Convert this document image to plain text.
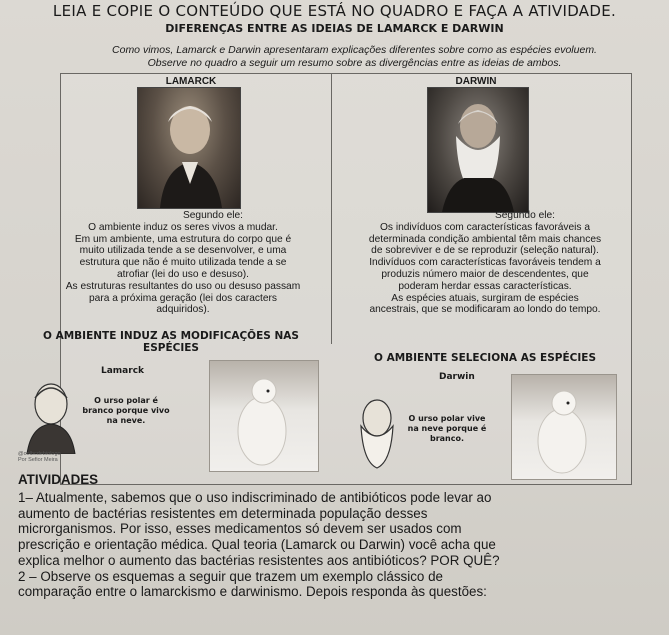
LEIA E COPIE O CONTEÚDO QUE ESTÁ NO QUADRO E FAÇA A ATIVIDADE.
DIFERENÇAS ENTRE AS IDEIAS DE LAMARCK E DARWIN
Como vimos, Lamarck e Darwin apresentaram explicações diferentes sobre como as espécies evoluem.
Observe no quadro a seguir um resumo sobre as divergências entre as ideias de ambos.
LAMARCK	DARWIN
Segundo ele:
O ambiente induz os seres vivos a mudar.
Em um ambiente, uma estrutura do corpo que é
muito utilizada tende a se desenvolver, e uma
estrutura que não é muito utilizada tende a se
atrofiar (lei do uso e desuso).
As estruturas resultantes do uso ou desuso passam
para a próxima geração (lei dos caracters
adquiridos).
Segundo ele:
Os indivíduos com características favoráveis a
determinada condição ambiental têm mais chances
de sobreviver e de se reproduzir (seleção natural).
Indivíduos com características favoráveis tendem a
produzis número maior de descendentes, que
poderam herdar essas características.
As espécies atuais, surgiram de espécies
ancestrais, que se modificaram ao londo do tempo.
O AMBIENTE INDUZ AS MODIFICAÇÕES NAS
ESPÉCIES
O AMBIENTE SELECIONA AS ESPÉCIES
Lamarck
O urso polar é
branco porque vivo
na neve.
Darwin
O urso polar vive
na neve porque é
branco.
@oolbcdebiologo
Por Sefior Meira
ATIVIDADES
1– Atualmente, sabemos que o uso indiscriminado de antibióticos pode levar ao
aumento de bactérias resistentes em determinada população desses
microrganismos. Por isso, esses medicamentos só devem ser usados com
prescrição e orientação médica. Qual teoria (Lamarck ou Darwin) você acha que
explica melhor o aumento das bactérias resistentes aos antibióticos? POR QUÊ?
2 – Observe os esquemas a seguir que trazem um exemplo clássico de
comparação entre o lamarckismo e darwinismo. Depois responda às questões:
